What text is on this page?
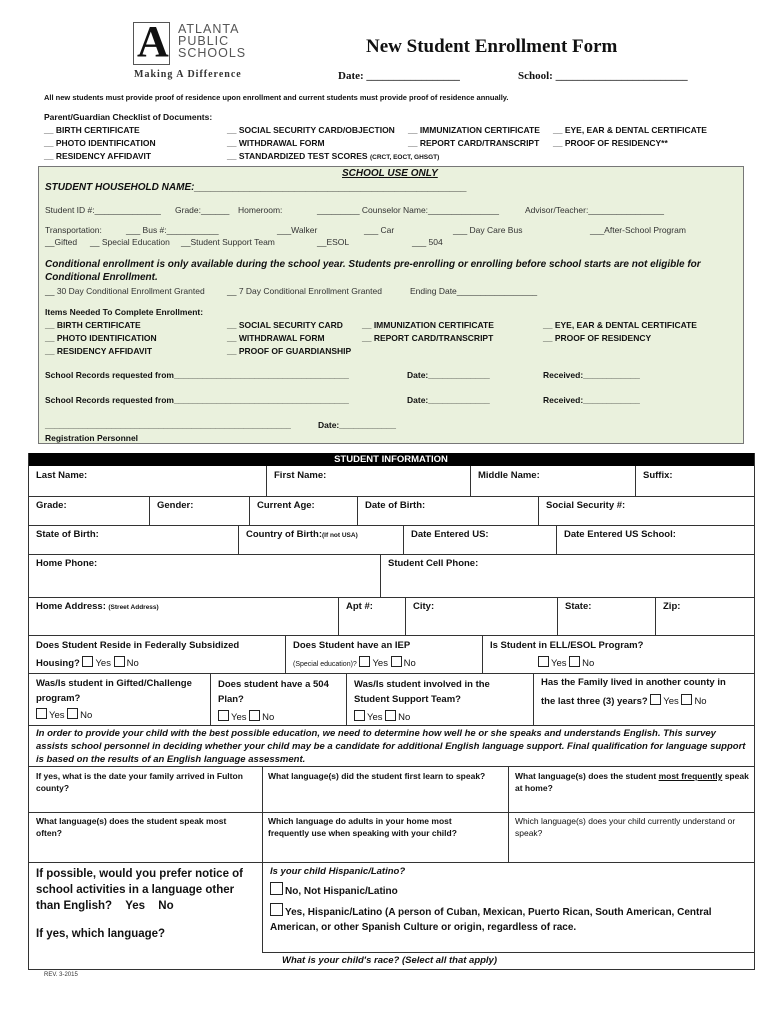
A ATLANTA
PUBLIC
SCHOOLS
Making A Difference
New Student Enrollment Form
Date: _________________	School: ________________________
All new students must provide proof of residence upon enrollment and current students must provide proof of residence annually.
Parent/Guardian Checklist of Documents:
__ BIRTH CERTIFICATE
__ PHOTO IDENTIFICATION
__ RESIDENCY AFFIDAVIT
__ SOCIAL SECURITY CARD/OBJECTION
__ WITHDRAWAL FORM
__ STANDARDIZED TEST SCORES (CRCT, EOCT, GHSGT)
__ IMMUNIZATION CERTIFICATE
__ REPORT CARD/TRANSCRIPT
__ EYE, EAR & DENTAL CERTIFICATE
__ PROOF OF RESIDENCY**
SCHOOL USE ONLY
STUDENT HOUSEHOLD NAME:_________________________________________________
Student ID #:______________ Grade:______ Homeroom:	_________ Counselor Name:_______________	Advisor/Teacher:________________
Transportation:	___ Bus #:___________	___Walker	___ Car	___ Day Care Bus	___After-School Program
__Gifted __ Special Education __Student Support Team	__ESOL	___ 504
Conditional enrollment is only available during the school year. Students pre-enrolling or enrolling before school starts are not eligible for Conditional Enrollment.
__ 30 Day Conditional Enrollment Granted	__ 7 Day Conditional Enrollment Granted	Ending Date_________________
Items Needed To Complete Enrollment:
__ BIRTH CERTIFICATE
__ PHOTO IDENTIFICATION
__ RESIDENCY AFFIDAVIT
__ SOCIAL SECURITY CARD
__ WITHDRAWAL FORM
__ PROOF OF GUARDIANSHIP
__ IMMUNIZATION CERTIFICATE
__ REPORT CARD/TRANSCRIPT
__ EYE, EAR & DENTAL CERTIFICATE
__ PROOF OF RESIDENCY
School Records requested from_____________________________________	Date:_____________	Received:____________
School Records requested from_____________________________________	Date:_____________	Received:____________
____________________________________________________	Date:____________
Registration Personnel
STUDENT INFORMATION
Last Name:	First Name:	Middle Name:	Suffix:
Grade:	Gender:	Current Age:	Date of Birth:	Social Security #:
State of Birth:	Country of Birth:(If not USA)	Date Entered US:	Date Entered US School:
Home Phone:	Student Cell Phone:
Home Address: (Street Address)	Apt #:	City:	State:	Zip:
Does Student Reside in Federally Subsidized
Housing? Yes No
Does Student have an IEP
(Special education)? Yes No
Is Student in ELL/ESOL Program?
Yes No
Was/Is student in Gifted/Challenge
program?
Yes No
Does student have a 504
Plan?
Yes No
Was/Is student involved in the
Student Support Team?
Yes No
Has the Family lived in another county in
the last three (3) years? Yes No
In order to provide your child with the best possible education, we need to determine how well he or she speaks and understands English. This survey assists school personnel in deciding whether your child may be a candidate for additional English language support. Final qualification for language support is based on the results of an English language assessment.
If yes, what is the date your family arrived in Fulton county?
What language(s) did the student first learn to speak?	What language(s) does the student most frequently speak at home?
What language(s) does the student speak most often?
Which language do adults in your home most frequently use when speaking with your child?
Which language(s) does your child currently understand or speak?
If possible, would you prefer notice of school activities in a language other than English? Yes No
If yes, which language?
Is your child Hispanic/Latino?
No, Not Hispanic/Latino
Yes, Hispanic/Latino (A person of Cuban, Mexican, Puerto Rican, South American, Central American, or other Spanish Culture or origin, regardless of race.
What is your child's race? (Select all that apply)
REV. 3-2015
